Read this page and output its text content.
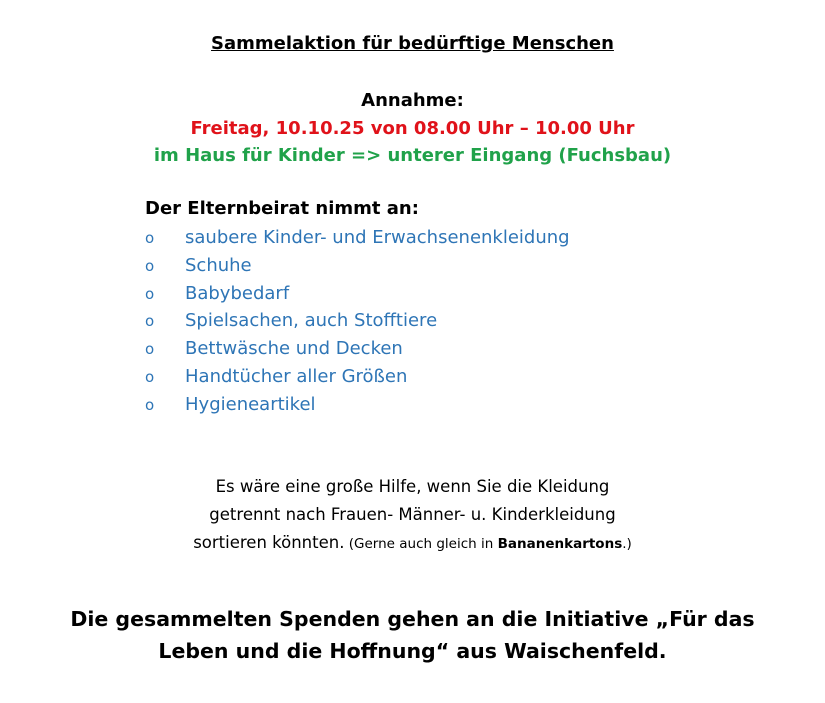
Sammelaktion für bedürftige Menschen
Annahme:
Freitag, 10.10.25 von 08.00 Uhr – 10.00 Uhr
im Haus für Kinder => unterer Eingang (Fuchsbau)
Der Elternbeirat nimmt an:
o saubere Kinder- und Erwachsenenkleidung
o Schuhe
o Babybedarf
o Spielsachen, auch Stofftiere
o Bettwäsche und Decken
o Handtücher aller Größen
o Hygieneartikel
Es wäre eine große Hilfe, wenn Sie die Kleidung
getrennt nach Frauen- Männer- u. Kinderkleidung
sortieren könnten. (Gerne auch gleich in Bananenkartons.)
Die gesammelten Spenden gehen an die Initiative „Für das
Leben und die Hoffnung“ aus Waischenfeld.
